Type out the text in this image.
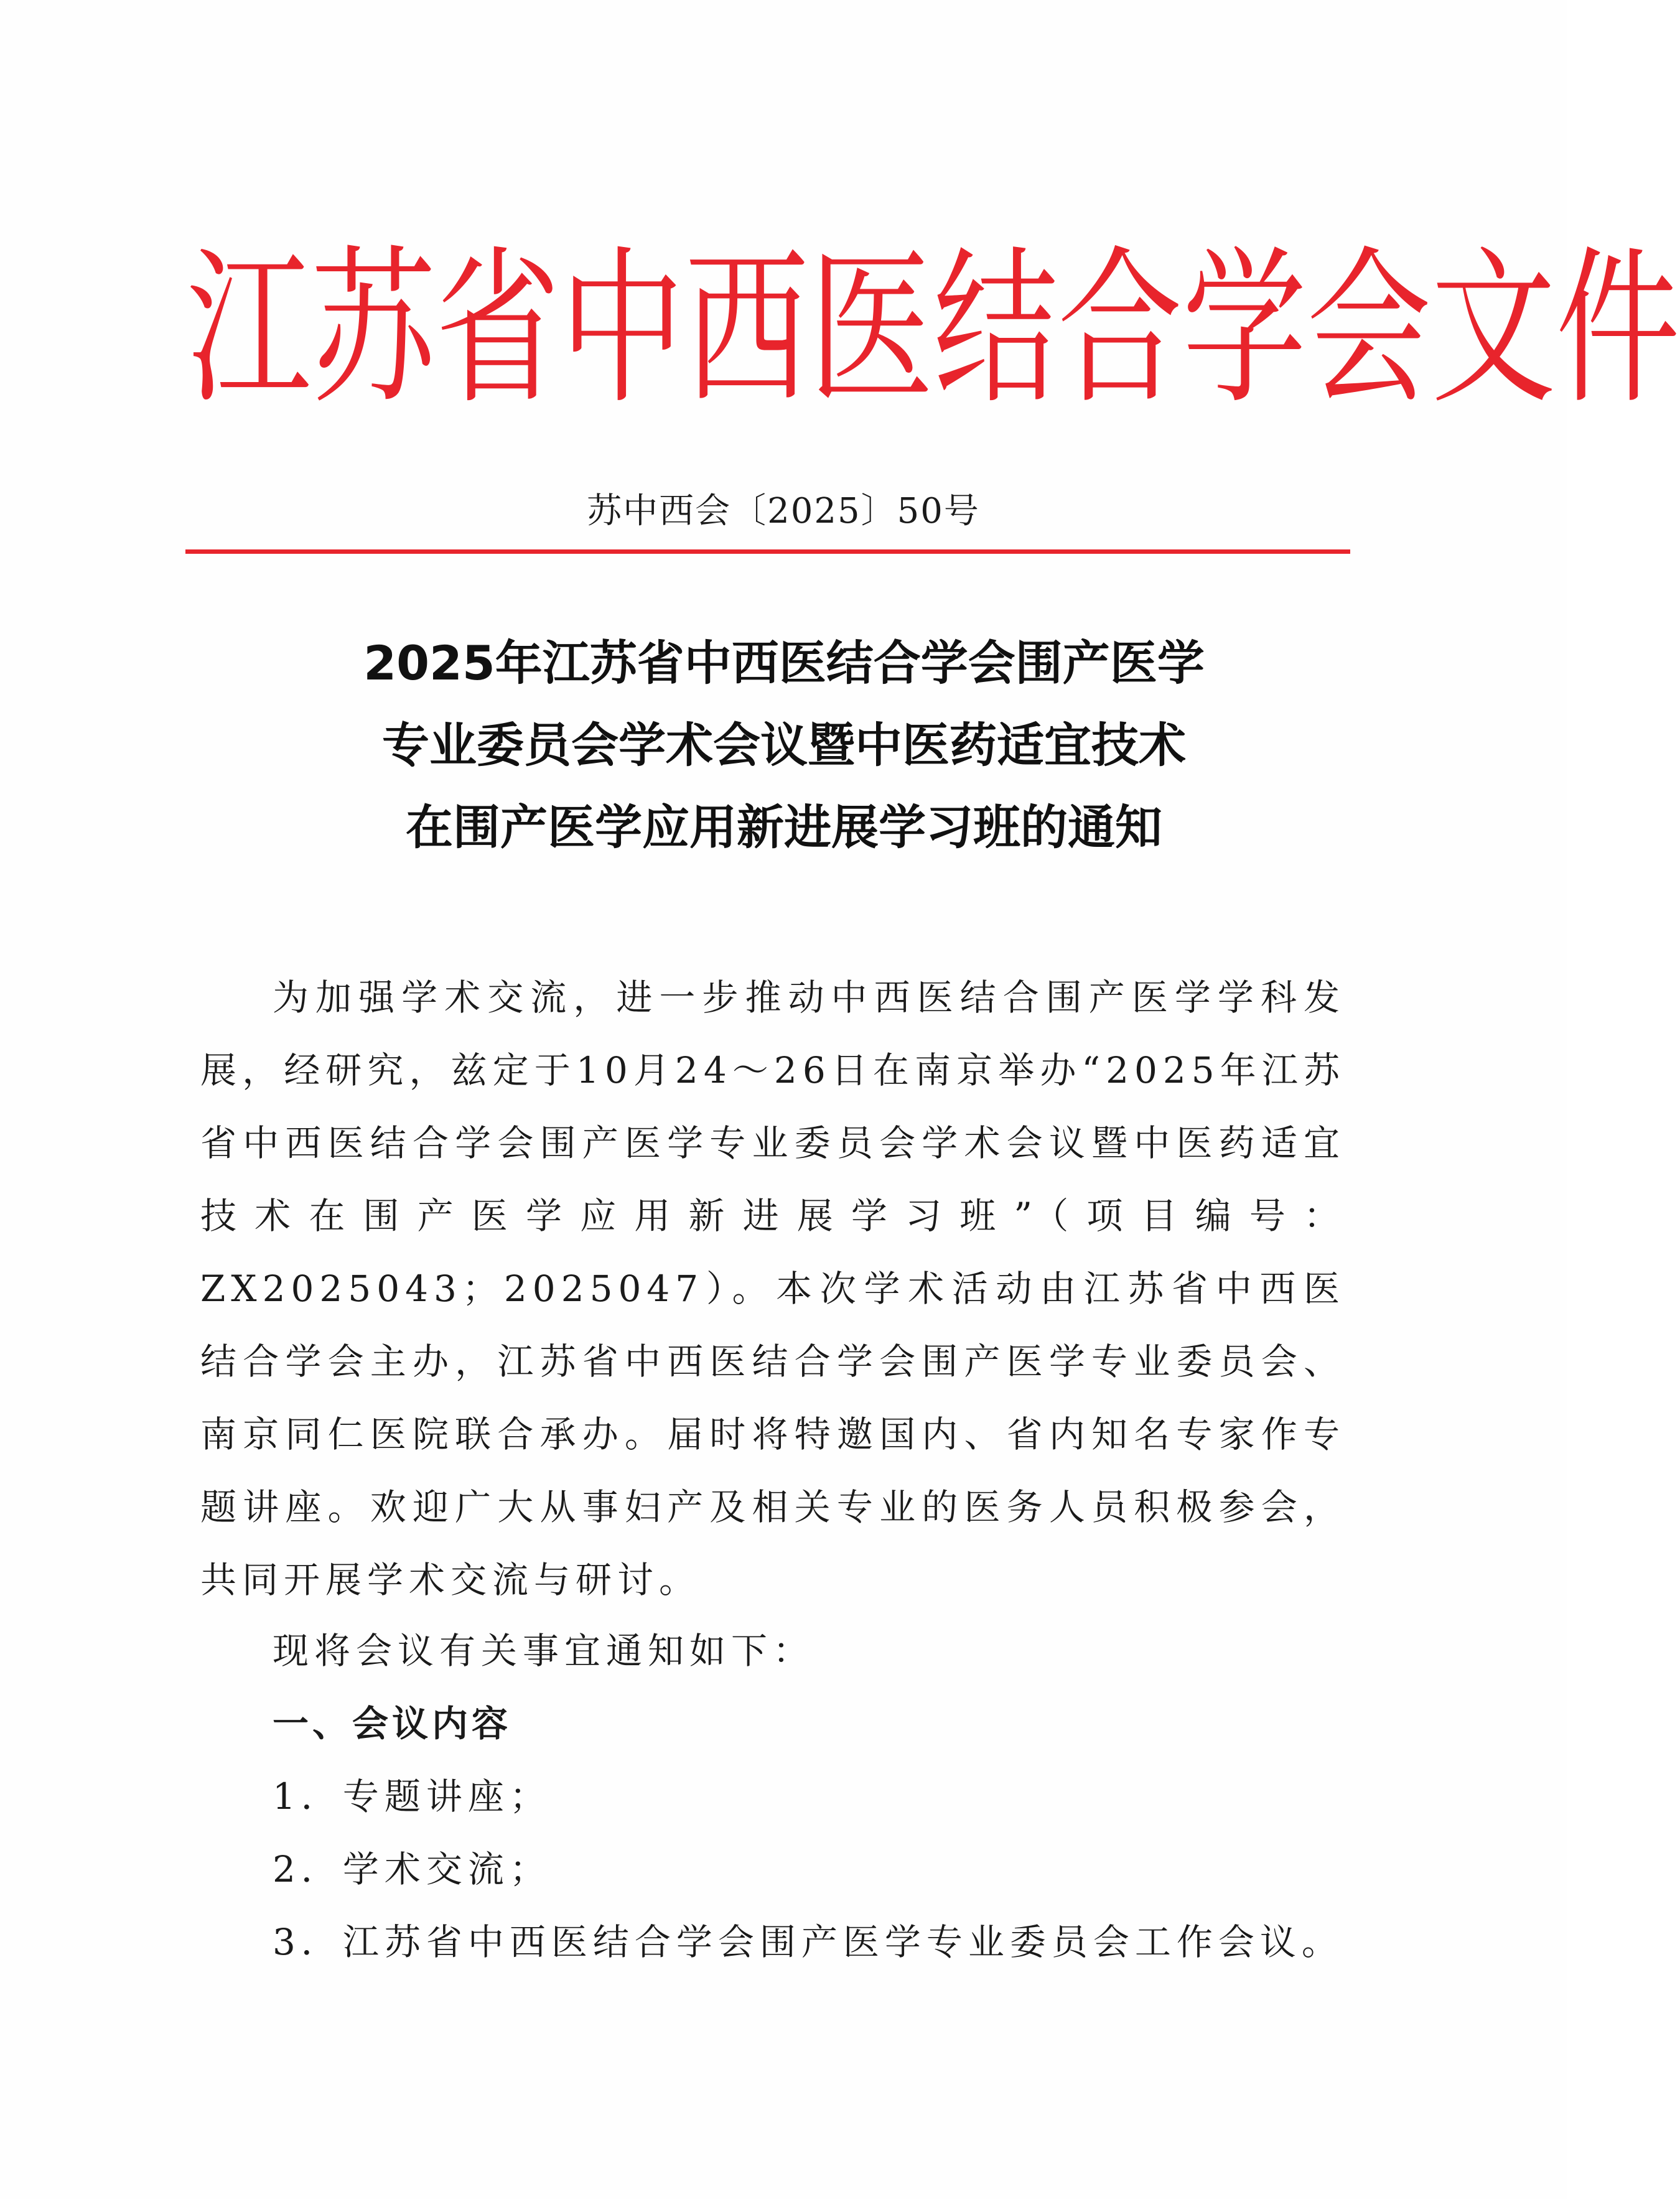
江 苏 省 中 西 医 结 合 学 会 文 件
苏中西会〔2025〕50号
2025年江苏省中西医结合学会围产医学
专业委员会学术会议暨中医药适宜技术
在围产医学应用新进展学习班的通知
为加强学术交流，进一步推动中西医结合围产医学学科发展，经研究，兹定于10月24～26日在南京举办“2025年江苏省中西医结合学会围产医学专业委员会学术会议暨中医药适宜技术在围产医学应用新进展学习班”（项目编号：ZX2025043；2025047）。本次学术活动由江苏省中西医结合学会主办，江苏省中西医结合学会围产医学专业委员会、南京同仁医院联合承办。届时将特邀国内、省内知名专家作专题讲座。欢迎广大从事妇产及相关专业的医务人员积极参会，共同开展学术交流与研讨。
现将会议有关事宜通知如下：
一、会议内容
1．专题讲座；
2．学术交流；
3．江苏省中西医结合学会围产医学专业委员会工作会议。
